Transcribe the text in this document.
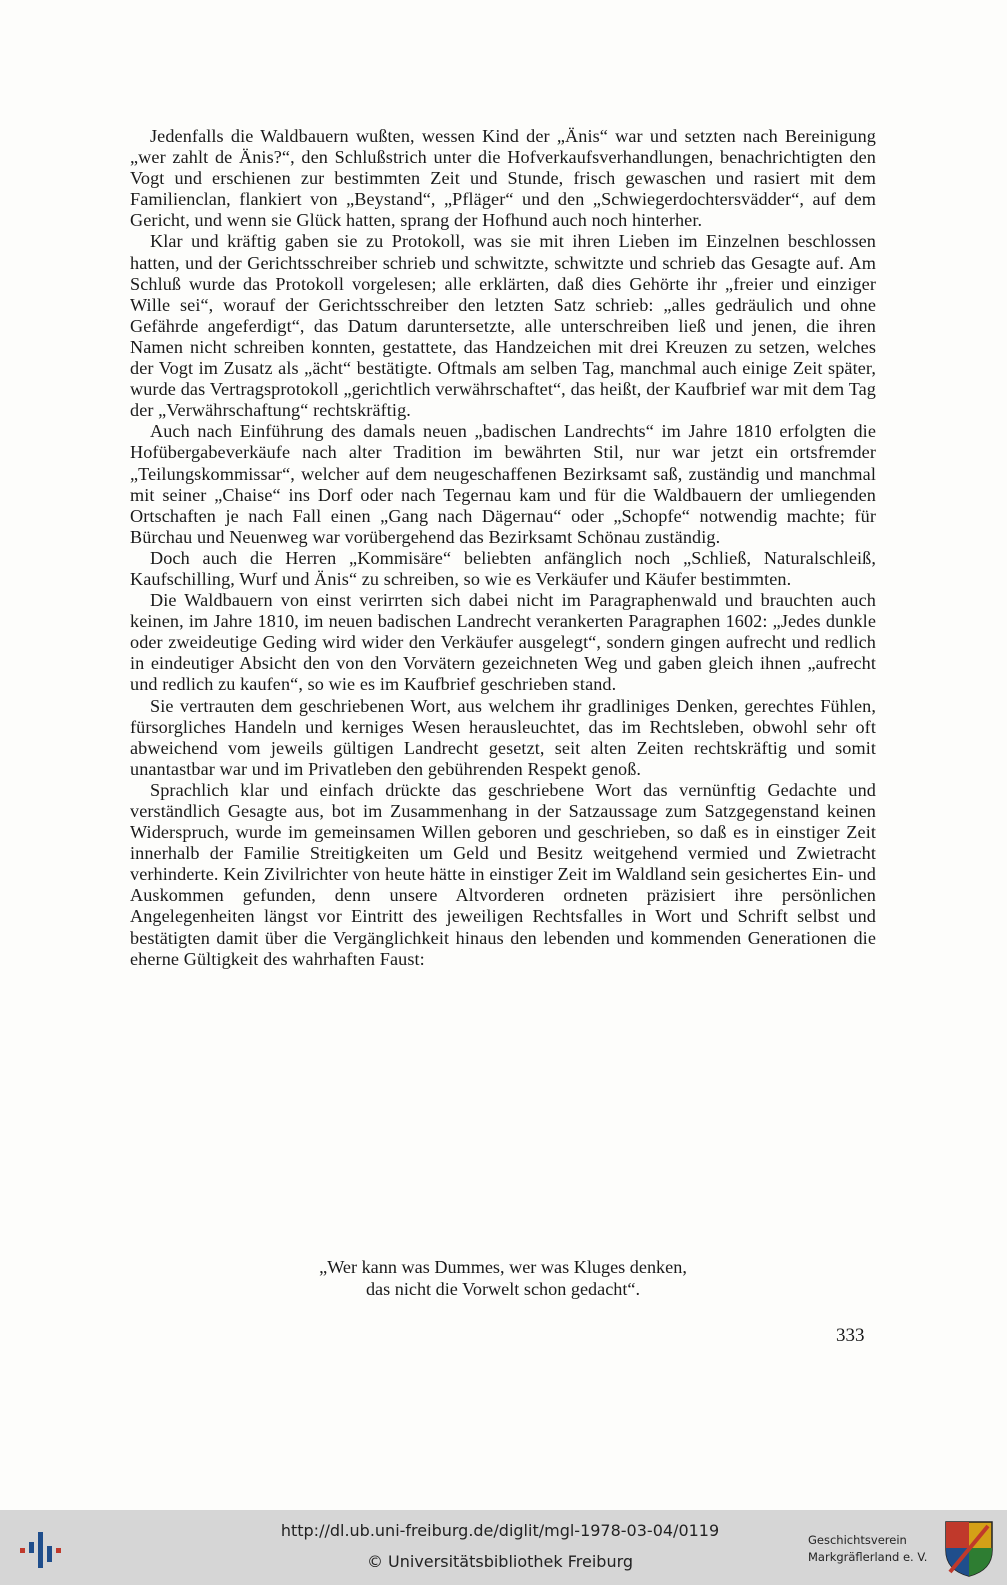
Jedenfalls die Waldbauern wußten, wessen Kind der „Änis“ war und setzten nach Bereinigung „wer zahlt de Änis?“, den Schlußstrich unter die Hofverkaufsverhandlungen, benachrichtigten den Vogt und erschienen zur bestimmten Zeit und Stunde, frisch gewaschen und rasiert mit dem Familienclan, flankiert von „Beystand“, „Pfläger“ und den „Schwiegerdochtersvädder“, auf dem Gericht, und wenn sie Glück hatten, sprang der Hofhund auch noch hinterher.

Klar und kräftig gaben sie zu Protokoll, was sie mit ihren Lieben im Einzelnen beschlossen hatten, und der Gerichtsschreiber schrieb und schwitzte, schwitzte und schrieb das Gesagte auf. Am Schluß wurde das Protokoll vorgelesen; alle erklärten, daß dies Gehörte ihr „freier und einziger Wille sei“, worauf der Gerichtsschreiber den letzten Satz schrieb: „alles gedräulich und ohne Gefährde angeferdigt“, das Datum daruntersetzte, alle unterschreiben ließ und jenen, die ihren Namen nicht schreiben konnten, gestattete, das Handzeichen mit drei Kreuzen zu setzen, welches der Vogt im Zusatz als „ächt“ bestätigte. Oftmals am selben Tag, manchmal auch einige Zeit später, wurde das Vertragsprotokoll „gerichtlich verwährschaftet“, das heißt, der Kaufbrief war mit dem Tag der „Verwährschaftung“ rechtskräftig.

Auch nach Einführung des damals neuen „badischen Landrechts“ im Jahre 1810 erfolgten die Hofübergabeverkäufe nach alter Tradition im bewährten Stil, nur war jetzt ein ortsfremder „Teilungskommissar“, welcher auf dem neugeschaffenen Bezirksamt saß, zuständig und manchmal mit seiner „Chaise“ ins Dorf oder nach Tegernau kam und für die Waldbauern der umliegenden Ortschaften je nach Fall einen „Gang nach Dägernau“ oder „Schopfe“ notwendig machte; für Bürchau und Neuenweg war vorübergehend das Bezirksamt Schönau zuständig.

Doch auch die Herren „Kommisäre“ beliebten anfänglich noch „Schließ, Naturalschleiß, Kaufschilling, Wurf und Änis“ zu schreiben, so wie es Verkäufer und Käufer bestimmten.

Die Waldbauern von einst verirrten sich dabei nicht im Paragraphenwald und brauchten auch keinen, im Jahre 1810, im neuen badischen Landrecht verankerten Paragraphen 1602: „Jedes dunkle oder zweideutige Geding wird wider den Verkäufer ausgelegt“, sondern gingen aufrecht und redlich in eindeutiger Absicht den von den Vorvätern gezeichneten Weg und gaben gleich ihnen „aufrecht und redlich zu kaufen“, so wie es im Kaufbrief geschrieben stand.

Sie vertrauten dem geschriebenen Wort, aus welchem ihr gradliniges Denken, gerechtes Fühlen, fürsorgliches Handeln und kerniges Wesen herausleuchtet, das im Rechtsleben, obwohl sehr oft abweichend vom jeweils gültigen Landrecht gesetzt, seit alten Zeiten rechtskräftig und somit unantastbar war und im Privatleben den gebührenden Respekt genoß.

Sprachlich klar und einfach drückte das geschriebene Wort das vernünftig Gedachte und verständlich Gesagte aus, bot im Zusammenhang in der Satzaussage zum Satzgegenstand keinen Widerspruch, wurde im gemeinsamen Willen geboren und geschrieben, so daß es in einstiger Zeit innerhalb der Familie Streitigkeiten um Geld und Besitz weitgehend vermied und Zwietracht verhinderte. Kein Zivilrichter von heute hätte in einstiger Zeit im Waldland sein gesichertes Ein- und Auskommen gefunden, denn unsere Altvorderen ordneten präzisiert ihre persönlichen Angelegenheiten längst vor Eintritt des jeweiligen Rechtsfalles in Wort und Schrift selbst und bestätigten damit über die Vergänglichkeit hinaus den lebenden und kommenden Generationen die eherne Gültigkeit des wahrhaften Faust:

„Wer kann was Dummes, wer was Kluges denken,
das nicht die Vorwelt schon gedacht“.
333
http://dl.ub.uni-freiburg.de/diglit/mgl-1978-03-04/0119
© Universitätsbibliothek Freiburg
Geschichtsverein
Markgräflerland e. V.
